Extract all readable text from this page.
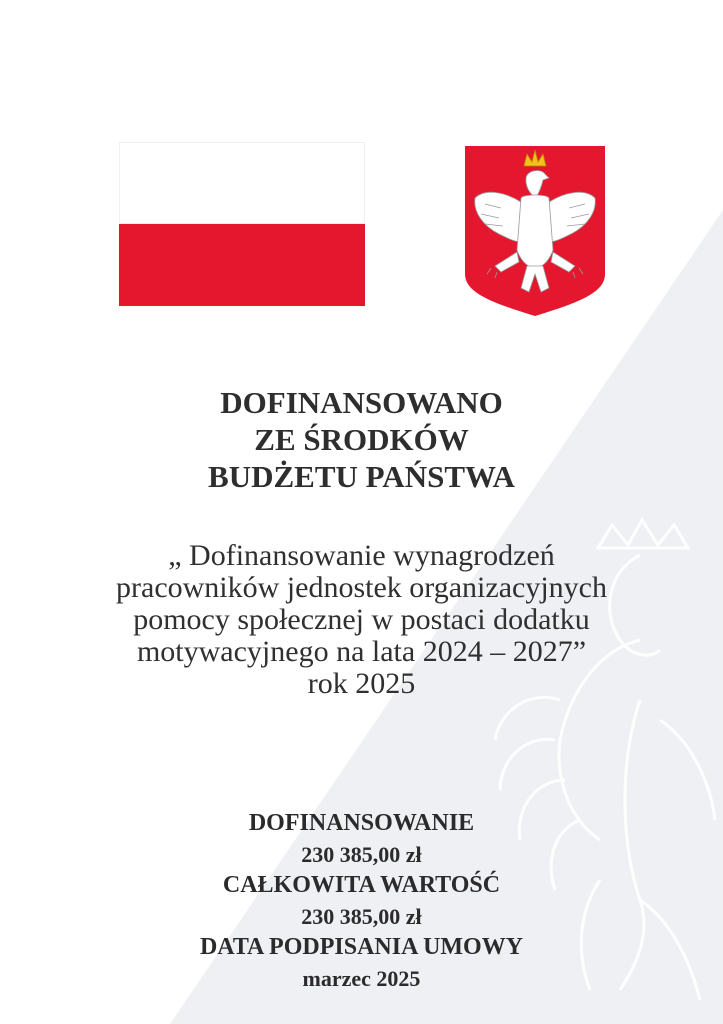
DOFINANSOWANO
ZE ŚRODKÓW
BUDŻETU PAŃSTWA
„ Dofinansowanie wynagrodzeń
pracowników jednostek organizacyjnych
pomocy społecznej w postaci dodatku
motywacyjnego na lata 2024 – 2027”
rok 2025
DOFINANSOWANIE
230 385,00 zł
CAŁKOWITA WARTOŚĆ
230 385,00 zł
DATA PODPISANIA UMOWY
marzec 2025
